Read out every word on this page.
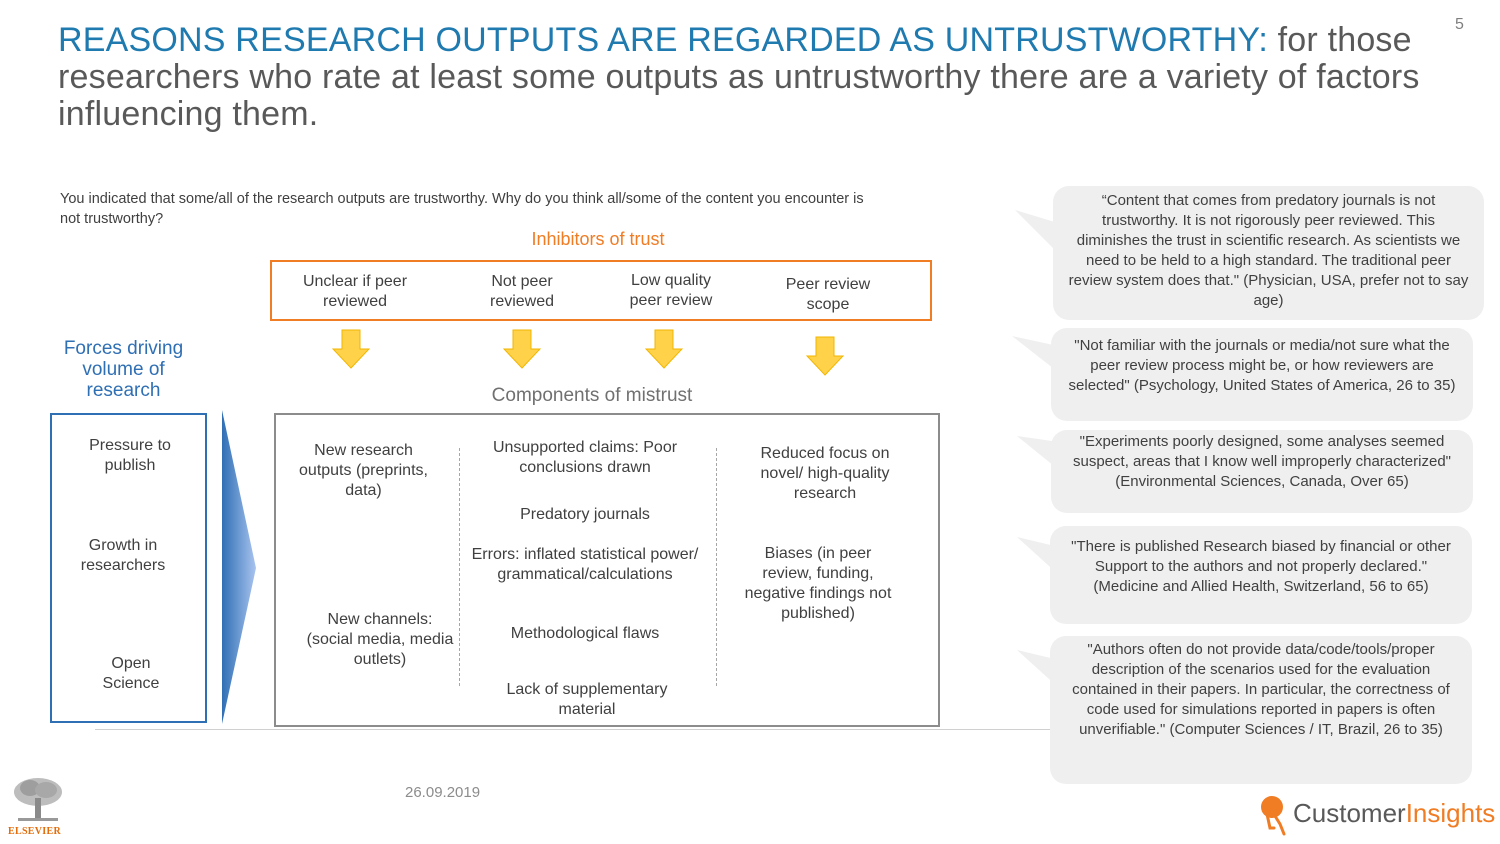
REASONS RESEARCH OUTPUTS ARE REGARDED AS UNTRUSTWORTHY: for those researchers who rate at least some outputs as untrustworthy there are a variety of factors influencing them.
5
You indicated that some/all of the research outputs are trustworthy. Why do you think all/some of the content you encounter is not trustworthy?
Inhibitors of trust
Unclear if peer reviewed
Not peer reviewed
Low quality peer review
Peer review scope
Forces driving volume of research
Pressure to publish
Growth in researchers
Open Science
Components of mistrust
New research outputs (preprints, data)
New channels: (social media, media outlets)
Unsupported claims: Poor conclusions drawn
Predatory journals
Errors: inflated statistical power/ grammatical/calculations
Methodological flaws
Lack of supplementary material
Reduced focus on novel/ high-quality research
Biases (in peer review, funding, negative findings not published)
“Content that comes from predatory journals is not trustworthy. It is not rigorously peer reviewed. This diminishes the trust in scientific research. As scientists we need to be held to a high standard. The traditional peer review system does that." (Physician, USA, prefer not to say age)
"Not familiar with the journals or media/not sure what the peer review process might be, or how reviewers are selected" (Psychology, United States of America, 26 to 35)
"Experiments poorly designed, some analyses seemed suspect, areas that I know well improperly characterized" (Environmental Sciences, Canada, Over 65)
"There is published Research biased by financial or other Support to the authors and not properly declared." (Medicine and Allied Health, Switzerland, 56 to 65)
"Authors often do not provide data/code/tools/proper description of the scenarios used for the evaluation contained in their papers. In particular, the correctness of code used for simulations reported in papers is often unverifiable." (Computer Sciences / IT, Brazil, 26 to 35)
26.09.2019
ELSEVIER
CustomerInsights
